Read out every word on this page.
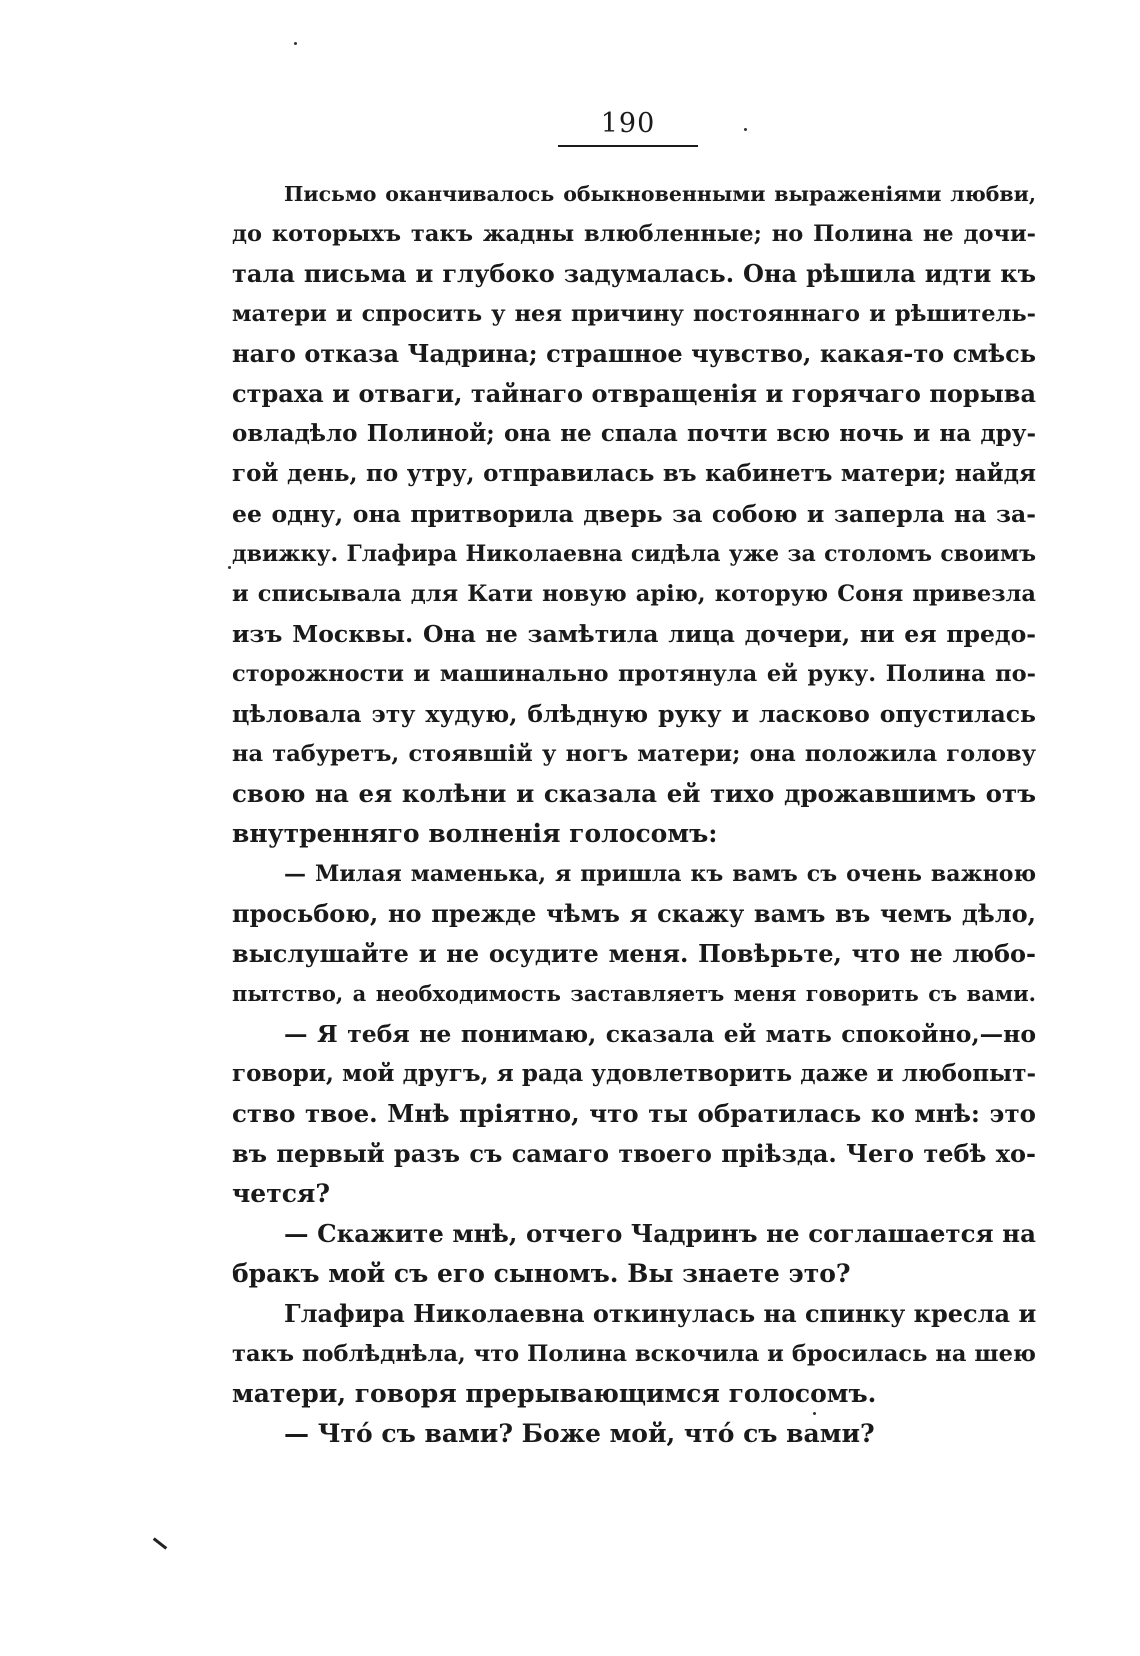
190
Письмо оканчивалось обыкновенными выраженіями любви,
до которыхъ такъ жадны влюбленные; но Полина не дочи-
тала письма и глубоко задумалась. Она рѣшила идти къ
матери и спросить у нея причину постояннаго и рѣшитель-
наго отказа Чадрина; страшное чувство, какая-то смѣсь
страха и отваги, тайнаго отвращенія и горячаго порыва
овладѣло Полиной; она не спала почти всю ночь и на дру-
гой день, по утру, отправилась въ кабинетъ матери; найдя
ее одну, она притворила дверь за собою и заперла на за-
движку. Глафира Николаевна сидѣла уже за столомъ своимъ
и списывала для Кати новую арію, которую Соня привезла
изъ Москвы. Она не замѣтила лица дочери, ни ея предо-
сторожности и машинально протянула ей руку. Полина по-
цѣловала эту худую, блѣдную руку и ласково опустилась
на табуретъ, стоявшій у ногъ матери; она положила голову
свою на ея колѣни и сказала ей тихо дрожавшимъ отъ
внутренняго волненія голосомъ:
— Милая маменька, я пришла къ вамъ съ очень важною
просьбою, но прежде чѣмъ я скажу вамъ въ чемъ дѣло,
выслушайте и не осудите меня. Повѣрьте, что не любо-
пытство, а необходимость заставляетъ меня говорить съ вами.
— Я тебя не понимаю, сказала ей мать спокойно,—но
говори, мой другъ, я рада удовлетворить даже и любопыт-
ство твое. Мнѣ пріятно, что ты обратилась ко мнѣ: это
въ первый разъ съ самаго твоего пріѣзда. Чего тебѣ хо-
чется?
— Скажите мнѣ, отчего Чадринъ не соглашается на
бракъ мой съ его сыномъ. Вы знаете это?
Глафира Николаевна откинулась на спинку кресла и
такъ поблѣднѣла, что Полина вскочила и бросилась на шею
матери, говоря прерывающимся голосомъ.
— Что́ съ вами? Боже мой, что́ съ вами?
